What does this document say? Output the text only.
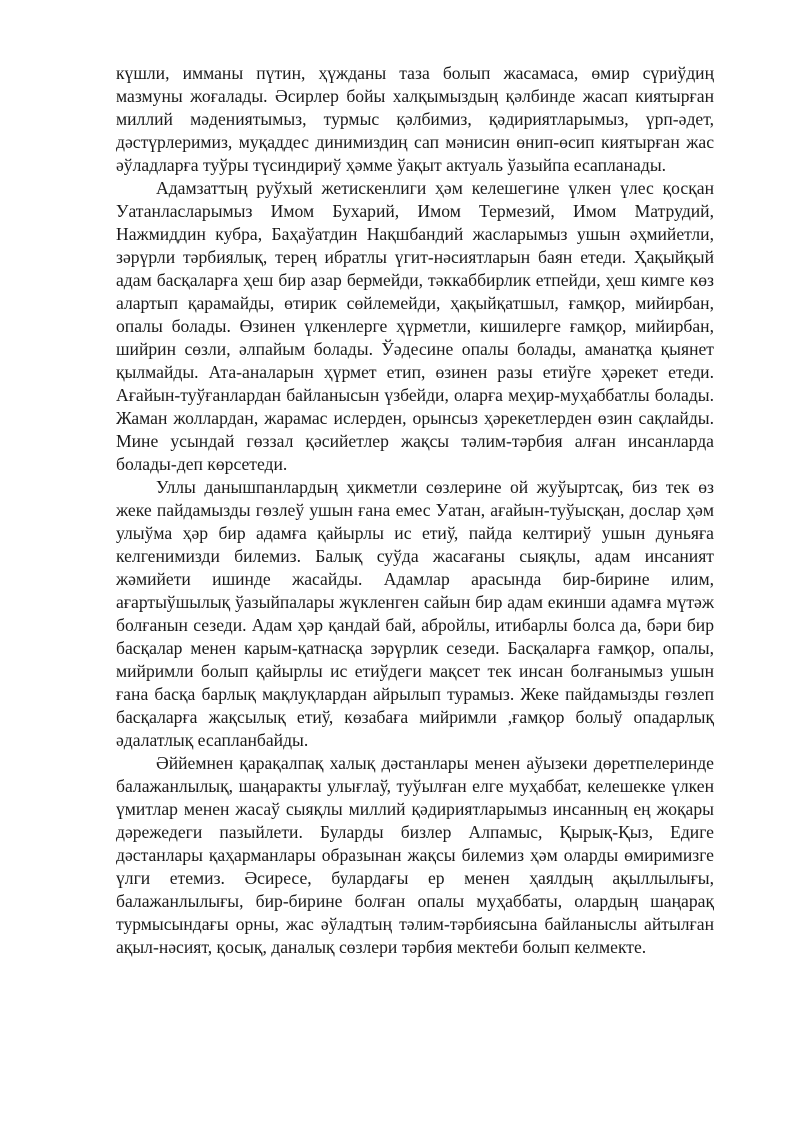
күшли, имманы пүтин, ҳүжданы таза болып жасамаса, өмир сүриўдиң мазмуны жоғалады. Әсирлер бойы халқымыздың қәлбинде жасап киятырған миллий мәдениятымыз, турмыс қәлбимиз, қәдириятларымыз, үрп-әдет, дәстүрлеримиз, муқаддес динимиздиң сап мәнисин өнип-өсип киятырған жас әўладларға туўры түсиндириў ҳәмме ўақыт актуаль ўазыйпа есапланады.

Адамзаттың руўхый жетискенлиги ҳәм келешегине үлкен үлес қосқан Уатанласларымыз Имом Бухарий, Имом Термезий, Имом Матрудий, Нажмиддин кубра, Баҳаўатдин Нақшбандий жасларымыз ушын әҳмийетли, зәрүрли тәрбиялық, терең ибратлы үгит-нәсиятларын баян етеди. Ҳақыйқый адам басқаларға ҳеш бир азар бермейди, тәккаббирлик етпейди, ҳеш кимге көз алартып қарамайды, өтирик сөйлемейди, ҳақыйқатшыл, ғамқор, мийирбан, опалы болады. Өзинен үлкенлерге ҳүрметли, кишилерге ғамқор, мийирбан, шийрин сөзли, әлпайым болады. Ўәдесине опалы болады, аманатқа қыянет қылмайды. Ата-аналарын ҳүрмет етип, өзинен разы етиўге ҳәрекет етеди. Ағайын-туўғанлардан байланысын үзбейди, оларға меҳир-муҳаббатлы болады. Жаман жоллардан, жарамас ислерден, орынсыз ҳәрекетлерден өзин сақлайды. Мине усындай гөззал қәсийетлер жақсы тәлим-тәрбия алған инсанларда болады-деп көрсетеди.

Уллы данышпанлардың ҳикметли сөзлерине ой жуўыртсақ, биз тек өз жеке пайдамызды гөзлеў ушын ғана емес Уатан, ағайын-туўысқан, дослар ҳәм улыўма ҳәр бир адамға қайырлы ис етиў, пайда келтириў ушын дуньяға келгенимизди билемиз. Балық суўда жасағаны сыяқлы, адам инсаният жәмийети ишинде жасайды. Адамлар арасында бир-бирине илим, ағартыўшылық ўазыйпалары жүкленген сайын бир адам екинши адамға мүтәж болғанын сезеди. Адам ҳәр қандай бай, абройлы, итибарлы болса да, бәри бир басқалар менен карым-қатнасқа зәрүрлик сезеди. Басқаларға ғамқор, опалы, мийримли болып қайырлы ис етиўдеги мақсет тек инсан болғанымыз ушын ғана басқа барлық мақлуқлардан айрылып турамыз. Жеке пайдамызды гөзлеп басқаларға жақсылық етиў, көзабаға мийримли ,ғамқор болыў опадарлық әдалатлық есапланбайды.

Әййемнен қарақалпақ халық дәстанлары менен аўызеки дөретпелеринде балажанлылық, шаңаракты улығлаў, туўылған елге муҳаббат, келешекке үлкен үмитлар менен жасаў сыяқлы миллий қәдириятларымыз инсанның ең жоқары дәрежедеги пазыйлети. Буларды бизлер Алпамыс, Қырық-Қыз, Едиге дәстанлары қаҳарманлары образынан жақсы билемиз ҳәм оларды өмиримизге үлги етемиз. Әсиресе, булардағы ер менен ҳаялдың ақыллылығы, балажанлылығы, бир-бирине болған опалы муҳаббаты, олардың шаңарақ турмысындағы орны, жас әўладтың тәлим-тәрбиясына байланыслы айтылған ақыл-нәсият, қосық, даналық сөзлери тәрбия мектеби болып келмекте.
